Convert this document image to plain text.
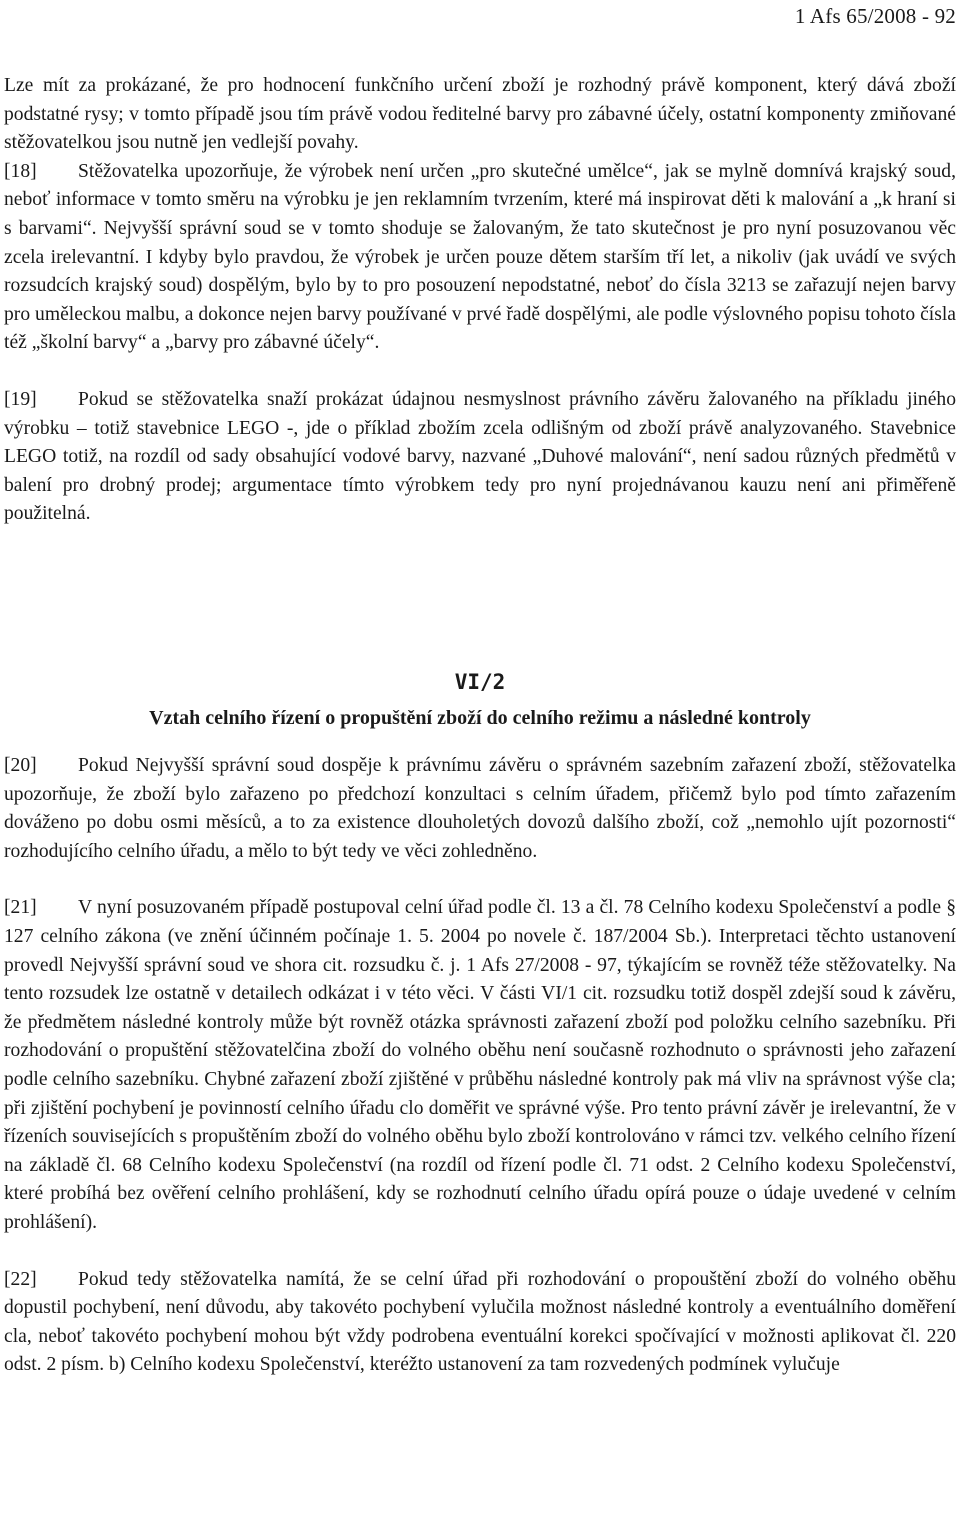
1 Afs 65/2008 - 92

Lze mít za prokázané, že pro hodnocení funkčního určení zboží je rozhodný právě komponent, který dává zboží podstatné rysy; v tomto případě jsou tím právě vodou ředitelné barvy pro zábavné účely, ostatní komponenty zmiňované stěžovatelkou jsou nutně jen vedlejší povahy.

[18] Stěžovatelka upozorňuje, že výrobek není určen „pro skutečné umělce“, jak se mylně domnívá krajský soud, neboť informace v tomto směru na výrobku je jen reklamním tvrzením, které má inspirovat děti k malování a „k hraní si s barvami“. Nejvyšší správní soud se v tomto shoduje se žalovaným, že tato skutečnost je pro nyní posuzovanou věc zcela irelevantní. I kdyby bylo pravdou, že výrobek je určen pouze dětem starším tří let, a nikoliv (jak uvádí ve svých rozsudcích krajský soud) dospělým, bylo by to pro posouzení nepodstatné, neboť do čísla 3213 se zařazují nejen barvy pro uměleckou malbu, a dokonce nejen barvy používané v prvé řadě dospělými, ale podle výslovného popisu tohoto čísla též „školní barvy“ a „barvy pro zábavné účely“.

[19] Pokud se stěžovatelka snaží prokázat údajnou nesmyslnost právního závěru žalovaného na příkladu jiného výrobku – totiž stavebnice LEGO -, jde o příklad zbožím zcela odlišným od zboží právě analyzovaného. Stavebnice LEGO totiž, na rozdíl od sady obsahující vodové barvy, nazvané „Duhové malování“, není sadou různých předmětů v balení pro drobný prodej; argumentace tímto výrobkem tedy pro nyní projednávanou kauzu není ani přiměřeně použitelná.

VI/2
Vztah celního řízení o propuštění zboží do celního režimu a následné kontroly

[20] Pokud Nejvyšší správní soud dospěje k právnímu závěru o správném sazebním zařazení zboží, stěžovatelka upozorňuje, že zboží bylo zařazeno po předchozí konzultaci s celním úřadem, přičemž bylo pod tímto zařazením dováženo po dobu osmi měsíců, a to za existence dlouholetých dovozů dalšího zboží, což „nemohlo ujít pozornosti“ rozhodujícího celního úřadu, a mělo to být tedy ve věci zohledněno.

[21] V nyní posuzovaném případě postupoval celní úřad podle čl. 13 a čl. 78 Celního kodexu Společenství a podle § 127 celního zákona (ve znění účinném počínaje 1. 5. 2004 po novele č. 187/2004 Sb.). Interpretaci těchto ustanovení provedl Nejvyšší správní soud ve shora cit. rozsudku č. j. 1 Afs 27/2008 - 97, týkajícím se rovněž téže stěžovatelky. Na tento rozsudek lze ostatně v detailech odkázat i v této věci. V části VI/1 cit. rozsudku totiž dospěl zdejší soud k závěru, že předmětem následné kontroly může být rovněž otázka správnosti zařazení zboží pod položku celního sazebníku. Při rozhodování o propuštění stěžovatelčina zboží do volného oběhu není současně rozhodnuto o správnosti jeho zařazení podle celního sazebníku. Chybné zařazení zboží zjištěné v průběhu následné kontroly pak má vliv na správnost výše cla; při zjištění pochybení je povinností celního úřadu clo doměřit ve správné výše. Pro tento právní závěr je irelevantní, že v řízeních souvisejících s propuštěním zboží do volného oběhu bylo zboží kontrolováno v rámci tzv. velkého celního řízení na základě čl. 68 Celního kodexu Společenství (na rozdíl od řízení podle čl. 71 odst. 2 Celního kodexu Společenství, které probíhá bez ověření celního prohlášení, kdy se rozhodnutí celního úřadu opírá pouze o údaje uvedené v celním prohlášení).

[22] Pokud tedy stěžovatelka namítá, že se celní úřad při rozhodování o propouštění zboží do volného oběhu dopustil pochybení, není důvodu, aby takovéto pochybení vylučila možnost následné kontroly a eventuálního doměření cla, neboť takovéto pochybení mohou být vždy podrobena eventuální korekci spočívající v možnosti aplikovat čl. 220 odst. 2 písm. b) Celního kodexu Společenství, kteréžto ustanovení za tam rozvedených podmínek vylučuje
